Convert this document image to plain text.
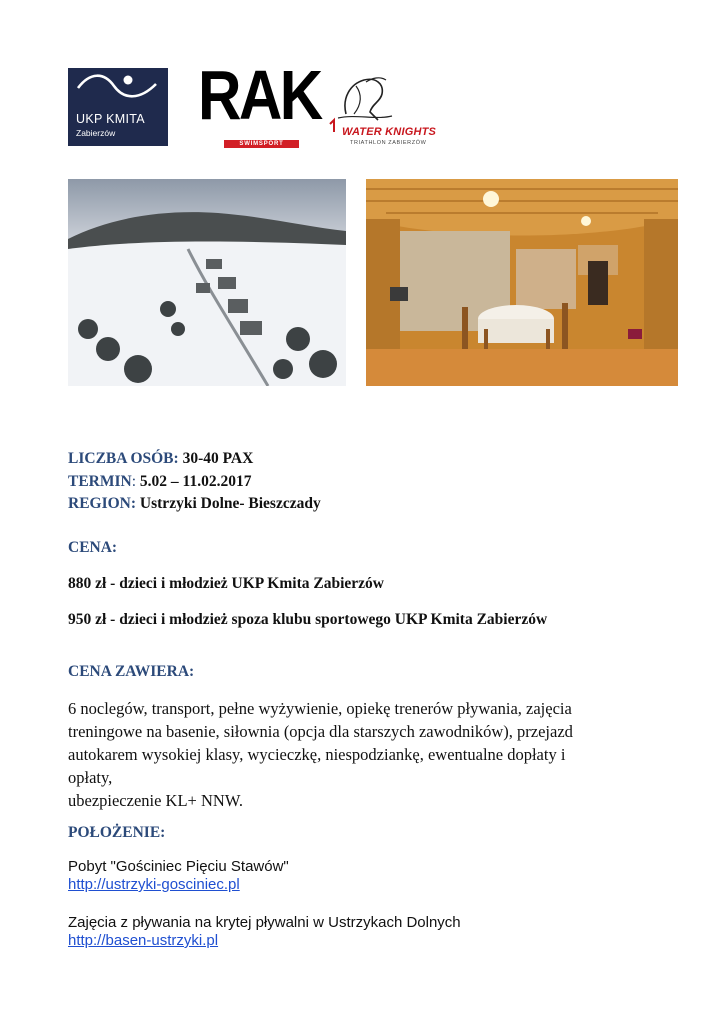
UKP KMITA
Zabierzów RAK
SWIMSPORT
WATER KNIGHTS
TRIATHLON ZABIERZÓW
LICZBA OSÓB: 30-40 PAX
TERMIN: 5.02 – 11.02.2017
REGION: Ustrzyki Dolne- Bieszczady
CENA:
880 zł - dzieci i młodzież UKP Kmita Zabierzów
950 zł - dzieci i młodzież spoza klubu sportowego UKP Kmita Zabierzów
CENA ZAWIERA:
6 noclegów, transport, pełne wyżywienie, opiekę trenerów pływania, zajęcia
treningowe na basenie, siłownia (opcja dla starszych zawodników), przejazd
autokarem wysokiej klasy, wycieczkę, niespodziankę, ewentualne dopłaty i
opłaty,
ubezpieczenie KL+ NNW.
POŁOŻENIE:
Pobyt "Gościniec Pięciu Stawów"
http://ustrzyki-gosciniec.pl
Zajęcia z pływania na krytej pływalni w Ustrzykach Dolnych
http://basen-ustrzyki.pl
